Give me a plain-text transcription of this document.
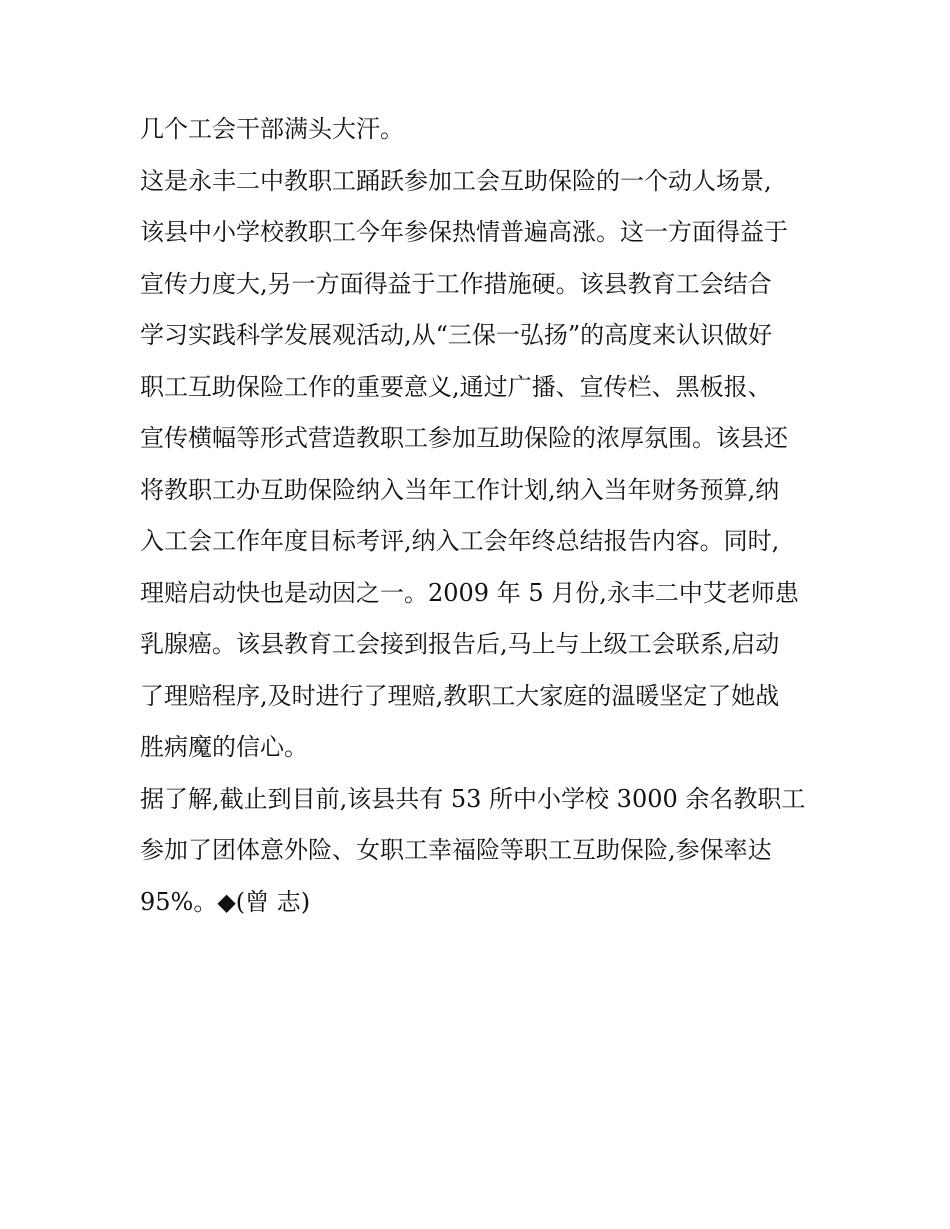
几个工会干部满头大汗。
这是永丰二中教职工踊跃参加工会互助保险的一个动人场景,
该县中小学校教职工今年参保热情普遍高涨。这一方面得益于
宣传力度大,另一方面得益于工作措施硬。该县教育工会结合
学习实践科学发展观活动,从“三保一弘扬”的高度来认识做好
职工互助保险工作的重要意义,通过广播、宣传栏、黑板报、
宣传横幅等形式营造教职工参加互助保险的浓厚氛围。该县还
将教职工办互助保险纳入当年工作计划,纳入当年财务预算,纳
入工会工作年度目标考评,纳入工会年终总结报告内容。同时,
理赔启动快也是动因之一。2009 年 5 月份,永丰二中艾老师患
乳腺癌。该县教育工会接到报告后,马上与上级工会联系,启动
了理赔程序,及时进行了理赔,教职工大家庭的温暖坚定了她战
胜病魔的信心。
据了解,截止到目前,该县共有 53 所中小学校 3000 余名教职工
参加了团体意外险、女职工幸福险等职工互助保险,参保率达
95%。◆(曾 志)
